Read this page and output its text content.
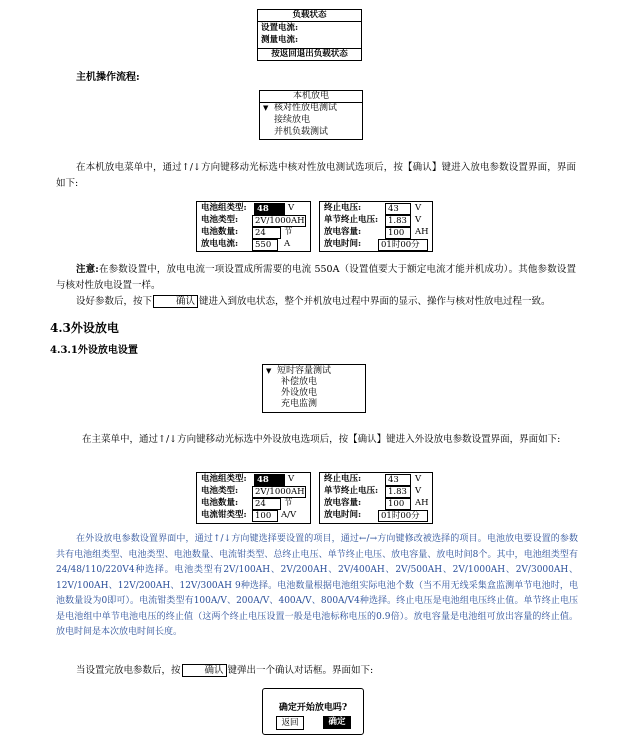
负载状态
设置电流:
测量电流:
按返回退出负载状态
主机操作流程:
本机放电
▼ 核对性放电测试
接续放电
并机负载测试
在本机放电菜单中，通过↑/↓方向键移动光标选中核对性放电测试选项后，按【确认】键进入放电参数设置界面，界面如下:
电池组类型:	48	V
电池类型:	2V/1000AH
电池数量:	24	节
放电电流:	550	A
终止电压:	43	V
单节终止电压:	1.83 V
放电容量:	100	AH
放电时间:	01时00分
注意:在参数设置中，放电电流一项设置成所需要的电流 550A（设置值要大于额定电流才能并机成功）。其他参数设置与核对性放电设置一样。
设好参数后，按下	确认 键进入到放电状态，整个并机放电过程中界面的显示、操作与核对性放电过程一致。
4.3外设放电
4.3.1外设放电设置
▼ 短时容量测试
补偿放电
外设放电
充电监测
在主菜单中，通过↑/↓方向键移动光标选中外设放电选项后，按【确认】键进入外设放电参数设置界面，界面如下:
电池组类型:	48	V
电池类型:	2V/1000AH
电池数量:	24	节
电流钳类型: 100	A/V
终止电压:	43	V
单节终止电压:	1.83 V
放电容量:	100	AH
放电时间:	01时00分
在外设放电参数设置界面中，通过↑/↓方向键选择要设置的项目，通过←/→方向键修改被选择的项目。电池放电要设置的参数共有电池组类型、电池类型、电池数量、电流钳类型、总终止电压、单节终止电压、放电容量、放电时间8个。其中，电池组类型有24/48/110/220V4种选择。电池类型有2V/100AH、2V/200AH、2V/400AH、2V/500AH、2V/1000AH、2V/3000AH、12V/100AH、12V/200AH、12V/300AH 9种选择。电池数量根据电池组实际电池个数（当不用无线采集盒监测单节电池时，电池数量设为0即可）。电流钳类型有100A/V、200A/V、400A/V、800A/V4种选择。终止电压是电池组电压终止值。单节终止电压是电池组中单节电池电压的终止值（这两个终止电压设置一般是电池标称电压的0.9倍）。放电容量是电池组可放出容量的终止值。放电时间是本次放电时间长度。
当设置完放电参数后，按	确认 键弹出一个确认对话框。界面如下:
确定开始放电吗?
返回	确定
